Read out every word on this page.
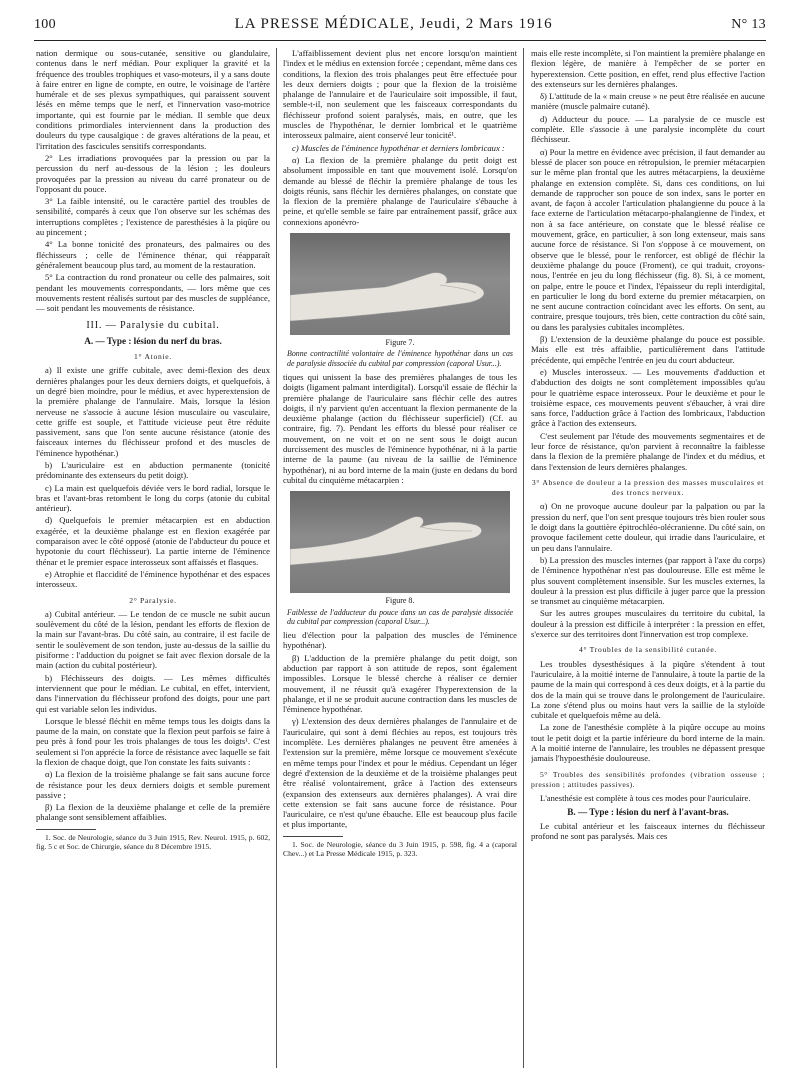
100	LA PRESSE MÉDICALE, Jeudi, 2 Mars 1916	N° 13

nation dermique ou sous-cutanée, sensitive ou glandulaire, contenus dans le nerf médian. Pour expliquer la gravité et la fréquence des troubles trophiques et vaso-moteurs, il y a sans doute à faire entrer en ligne de compte, en outre, le voisinage de l'artère humérale et de ses plexus sympathiques, qui paraissent souvent lésés en même temps que le nerf, et l'innervation vaso-motrice importante, qui est fournie par le médian. Il semble que deux conditions primordiales interviennent dans la production des douleurs du type causalgique : de graves altérations de la peau, et l'irritation des fascicules sensitifs correspondants.

2° Les irradiations provoquées par la pression ou par la percussion du nerf au-dessous de la lésion ; les douleurs provoquées par la pression au niveau du carré pronateur ou de l'opposant du pouce.

3° La faible intensité, ou le caractère partiel des troubles de sensibilité, comparés à ceux que l'on observe sur les schémas des interruptions complètes ; l'existence de paresthésies à la piqûre ou au pincement ;

4° La bonne tonicité des pronateurs, des palmaires ou des fléchisseurs ; celle de l'éminence thénar, qui réapparaît généralement beaucoup plus tard, au moment de la restauration.

5° La contraction du rond pronateur ou celle des palmaires, soit pendant les mouvements correspondants, — lors même que ces mouvements restent réalisés surtout par des muscles de suppléance, — soit pendant les mouvements de résistance.

III. — Paralysie du cubital.
A. — Type : lésion du nerf du bras.
1° Atonie.

a) Il existe une griffe cubitale, avec demi-flexion des deux dernières phalanges pour les deux derniers doigts, et quelquefois, à un degré bien moindre, pour le médius, et avec hyperextension de la première phalange de l'annulaire. Mais, lorsque la lésion nerveuse ne s'associe à aucune lésion musculaire ou vasculaire, cette griffe est souple, et l'attitude vicieuse peut être réduite passivement, sans que l'on sente aucune résistance (atonie des faisceaux internes du fléchisseur profond et des muscles de l'éminence hypothénar.)

b) L'auriculaire est en abduction permanente (tonicité prédominante des extenseurs du petit doigt).

c) La main est quelquefois déviée vers le bord radial, lorsque le bras et l'avant-bras retombent le long du corps (atonie du cubital antérieur).

d) Quelquefois le premier métacarpien est en abduction exagérée, et la deuxième phalange est en flexion exagérée par comparaison avec le côté opposé (atonie de l'abducteur du pouce et hypotonie du court fléchisseur). La partie interne de l'éminence thénar et le premier espace interosseux sont affaissés et flasques.

e) Atrophie et flaccidité de l'éminence hypothénar et des espaces interosseux.

2° Paralysie.

a) Cubital antérieur. — Le tendon de ce muscle ne subit aucun soulèvement du côté de la lésion, pendant les efforts de flexion de la main sur l'avant-bras. Du côté sain, au contraire, il est facile de sentir le soulèvement de son tendon, juste au-dessus de la saillie du pisiforme : l'adduction du poignet se fait avec flexion dorsale de la main (action du cubital postérieur).

b) Fléchisseurs des doigts. — Les mêmes difficultés interviennent que pour le médian. Le cubital, en effet, intervient, dans l'innervation du fléchisseur profond des doigts, pour une part qui est variable selon les individus.

Lorsque le blessé fléchit en même temps tous les doigts dans la paume de la main, on constate que la flexion peut parfois se faire à peu près à fond pour les trois phalanges de tous les doigts¹. C'est seulement si l'on apprécie la force de résistance avec laquelle se fait la flexion de chaque doigt, que l'on constate les faits suivants :

α) La flexion de la troisième phalange se fait sans aucune force de résistance pour les deux derniers doigts et semble purement passive ;

β) La flexion de la deuxième phalange et celle de la première phalange sont sensiblement affaiblies.

1. Soc. de Neurologie, séance du 3 Juin 1915, Rev. Neurol. 1915, p. 602, fig. 5 c et Soc. de Chirurgie, séance du 8 Décembre 1915.

L'affaiblissement devient plus net encore lorsqu'on maintient l'index et le médius en extension forcée ; cependant, même dans ces conditions, la flexion des trois phalanges peut être effectuée pour les deux derniers doigts ; pour que la flexion de la troisième phalange de l'annulaire et de l'auriculaire soit impossible, il faut, semble-t-il, non seulement que les faisceaux correspondants du fléchisseur profond soient paralysés, mais, en outre, que les muscles de l'hypothénar, le dernier lombrical et le quatrième interosseux palmaire, aient conservé leur tonicité¹.

c) Muscles de l'éminence hypothénar et derniers lombricaux :

α) La flexion de la première phalange du petit doigt est absolument impossible en tant que mouvement isolé. Lorsqu'on demande au blessé de fléchir la première phalange de tous les doigts réunis, sans fléchir les dernières phalanges, on constate que la flexion de la première phalange de l'auriculaire s'ébauche à peine, et qu'elle semble se faire par entraînement passif, grâce aux connexions aponévro-

Figure 7.
Bonne contractilité volontaire de l'éminence hypothénar dans un cas de paralysie dissociée du cubital par compression (caporal Usur...).

tiques qui unissent la base des premières phalanges de tous les doigts (ligament palmant interdigital). Lorsqu'il essaie de fléchir la première phalange de l'auriculaire sans fléchir celle des autres doigts, il n'y parvient qu'en accentuant la flexion permanente de la deuxième phalange (action du fléchisseur superficiel) (Cf. au contraire, fig. 7). Pendant les efforts du blessé pour réaliser ce mouvement, on ne voit et on ne sent sous le doigt aucun durcissement des muscles de l'éminence hypothénar, ni à la partie interne de la paume (au niveau de la saillie de l'éminence hypothénar), ni au bord interne de la main (juste en dedans du bord cubital du cinquième métacarpien :

Figure 8.
Faiblesse de l'adducteur du pouce dans un cas de paralysie dissociée du cubital par compression (caporal Usur...).

lieu d'élection pour la palpation des muscles de l'éminence hypothénar).

β) L'adduction de la première phalange du petit doigt, son abduction par rapport à son attitude de repos, sont également impossibles. Lorsque le blessé cherche à réaliser ce dernier mouvement, il ne réussit qu'à exagérer l'hyperextension de la phalange, et il ne se produit aucune contraction dans les muscles de l'éminence hypothénar.

γ) L'extension des deux dernières phalanges de l'annulaire et de l'auriculaire, qui sont à demi fléchies au repos, est toujours très incomplète. Les dernières phalanges ne peuvent être amenées à l'extension sur la première, même lorsque ce mouvement s'exécute en même temps pour l'index et pour le médius. Cependant un léger degré d'extension de la deuxième et de la troisième phalanges peut être réalisé volontairement, grâce à l'action des extenseurs (expansion des extenseurs aux dernières phalanges). A vrai dire cette extension se fait sans aucune force de résistance. Pour l'auriculaire, ce n'est qu'une ébauche. Elle est beaucoup plus facile et plus importante,

1. Soc. de Neurologie, séance du 3 Juin 1915, p. 598, fig. 4 a (caporal Chev...) et La Presse Médicale 1915, p. 323.

mais elle reste incomplète, si l'on maintient la première phalange en flexion légère, de manière à l'empêcher de se porter en hyperextension. Cette position, en effet, rend plus effective l'action des extenseurs sur les dernières phalanges.

δ) L'attitude de la « main creuse » ne peut être réalisée en aucune manière (muscle palmaire cutané).

d) Adducteur du pouce. — La paralysie de ce muscle est complète. Elle s'associe à une paralysie incomplète du court fléchisseur.

α) Pour la mettre en évidence avec précision, il faut demander au blessé de placer son pouce en rétropulsion, le premier métacarpien sur le même plan frontal que les autres métacarpiens, la deuxième phalange en extension complète. Si, dans ces conditions, on lui demande de rapprocher son pouce de son index, sans le porter en avant, de façon à accoler l'articulation phalangienne du pouce à la face externe de l'articulation métacarpo-phalangienne de l'index, et non à sa face antérieure, on constate que le blessé réalise ce mouvement, grâce, en particulier, à son long extenseur, mais sans aucune force de résistance. Si l'on s'oppose à ce mouvement, on observe que le blessé, pour le renforcer, est obligé de fléchir la deuxième phalange du pouce (Froment), ce qui traduit, croyons-nous, l'entrée en jeu du long fléchisseur (fig. 8). Si, à ce moment, on palpe, entre le pouce et l'index, l'épaisseur du repli interdigital, en particulier le long du bord externe du premier métacarpien, on ne sent aucune contraction coïncidant avec les efforts. On sent, au contraire, presque toujours, très bien, cette contraction du côté sain, ou dans les paralysies cubitales incomplètes.

β) L'extension de la deuxième phalange du pouce est possible. Mais elle est très affaiblie, particulièrement dans l'attitude précédente, qui empêche l'entrée en jeu du court abducteur.

e) Muscles interosseux. — Les mouvements d'adduction et d'abduction des doigts ne sont complètement impossibles qu'au pour le quatrième espace interosseux. Pour le deuxième et pour le troisième espace, ces mouvements peuvent s'ébaucher, à vrai dire sans force, l'adduction grâce à l'action des lombricaux, l'abduction grâce à l'action des extenseurs.

C'est seulement par l'étude des mouvements segmentaires et de leur force de résistance, qu'on parvient à reconnaître la faiblesse dans la flexion de la première phalange de l'index et du médius, et dans l'extension de leurs dernières phalanges.

3° Absence de douleur a la pression des masses musculaires et des troncs nerveux.

α) On ne provoque aucune douleur par la palpation ou par la pression du nerf, que l'on sent presque toujours très bien rouler sous le doigt dans la gouttière épitrochléo-olécranienne. Du côté sain, on provoque facilement cette douleur, qui irradie dans l'auriculaire, et un peu dans l'annulaire.

b) La pression des muscles internes (par rapport à l'axe du corps) de l'éminence hypothénar n'est pas douloureuse. Elle est même le plus souvent complètement insensible. Sur les muscles externes, la douleur à la pression est plus difficile à juger parce que la pression se transmet au cinquième métacarpien.

Sur les autres groupes musculaires du territoire du cubital, la douleur à la pression est difficile à interpréter : la pression en effet, s'exerce sur des territoires dont l'innervation est trop complexe.

4° Troubles de la sensibilité cutanée.

Les troubles dysesthésiques à la piqûre s'étendent à tout l'auriculaire, à la moitié interne de l'annulaire, à toute la partie de la paume de la main qui correspond à ces deux doigts, et à la partie du dos de la main qui se trouve dans le prolongement de l'auriculaire. La zone s'étend plus ou moins haut vers la saillie de la styloïde cubitale et quelquefois même au delà.

La zone de l'anesthésie complète à la piqûre occupe au moins tout le petit doigt et la partie inférieure du bord interne de la main. A la moitié interne de l'annulaire, les troubles ne dépassent presque jamais l'hypoesthésie douloureuse.

5° Troubles des sensibilités profondes (vibration osseuse ; pression ; attitudes passives).

L'anesthésie est complète à tous ces modes pour l'auriculaire.

B. — Type : lésion du nerf à l'avant-bras.

Le cubital antérieur et les faisceaux internes du fléchisseur profond ne sont pas paralysés. Mais ces
